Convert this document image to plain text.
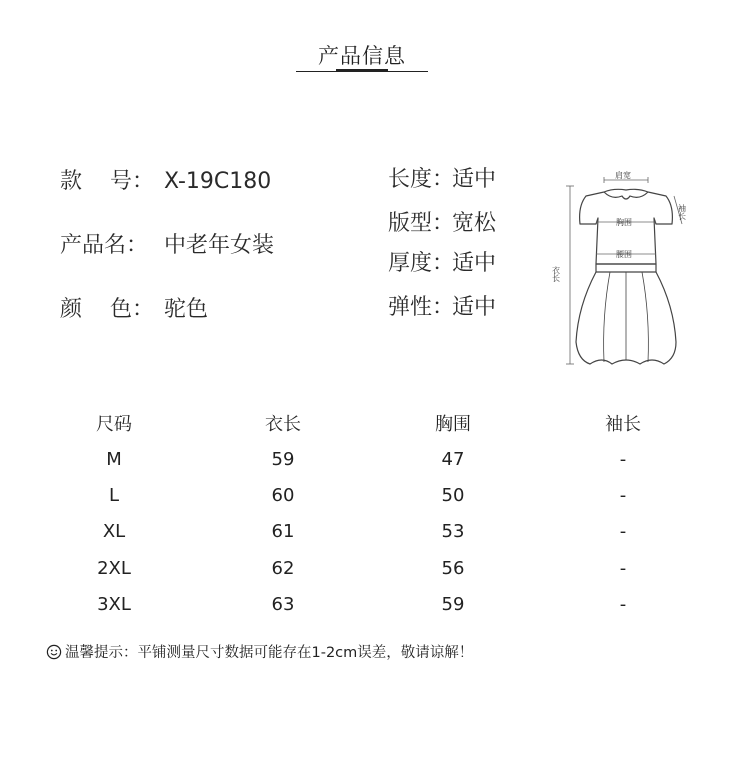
产品信息
款    号： X-19C180
产品名： 中老年女装
颜    色： 驼色
长度：适中
版型：宽松
厚度：适中
弹性：适中
肩宽
胸围
腰围
衣长
袖长
尺码	衣长	胸围	袖长
M	59	47	-
L	60	50	-
XL	61	53	-
2XL	62	56	-
3XL	63	59	-
温馨提示：平铺测量尺寸数据可能存在1-2cm误差，敬请谅解！
